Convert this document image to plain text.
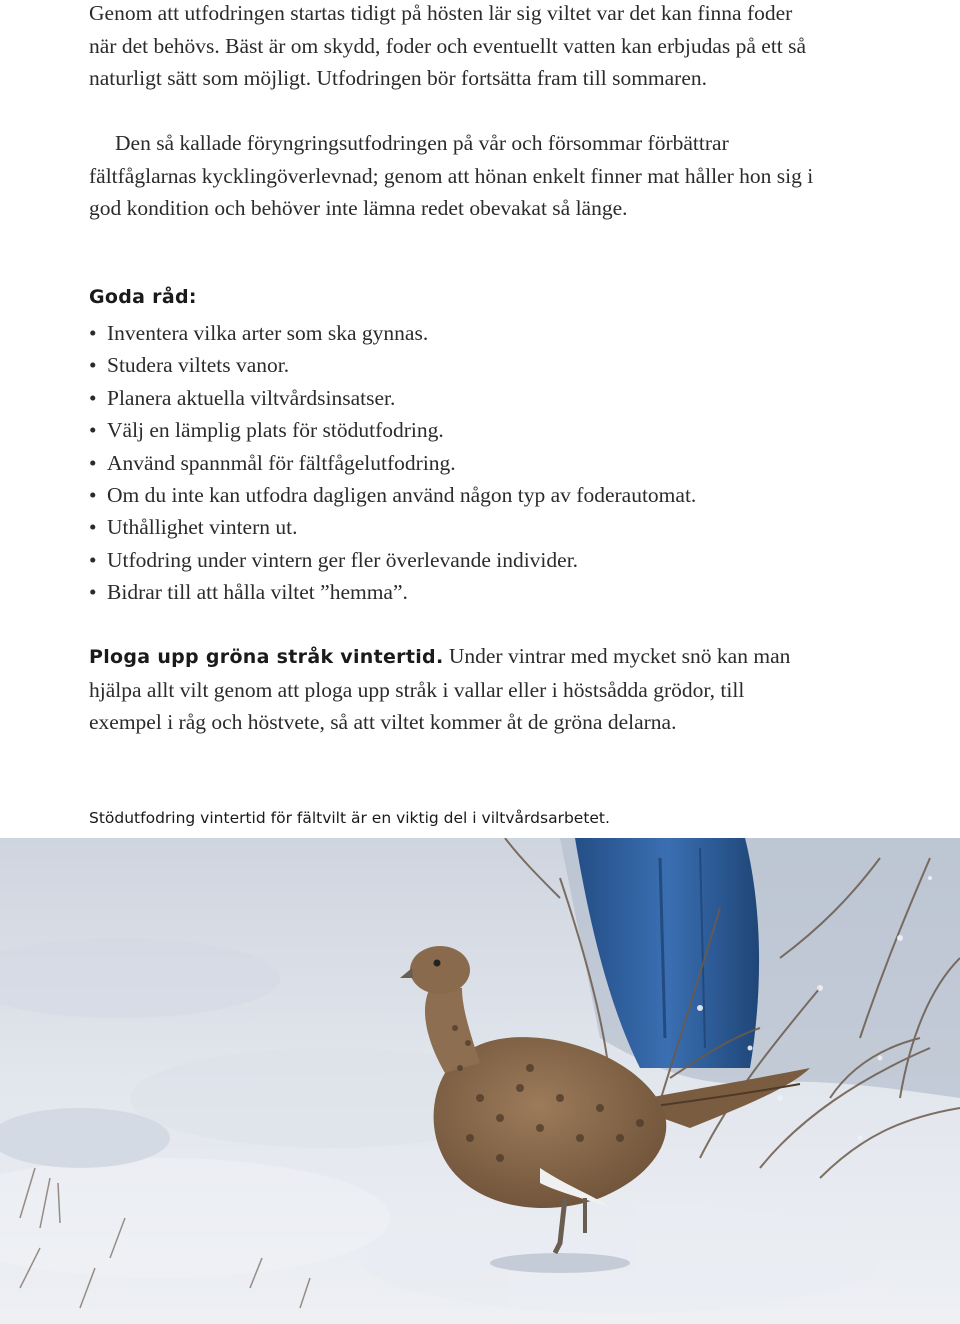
Genom att utfodringen startas tidigt på hösten lär sig viltet var det kan finna foder när det behövs. Bäst är om skydd, foder och eventuellt vatten kan erbjudas på ett så naturligt sätt som möjligt. Utfodringen bör fortsätta fram till sommaren.

Den så kallade föryngringsutfodringen på vår och försommar förbättrar fältfåglarnas kycklingöverlevnad; genom att hönan enkelt finner mat håller hon sig i god kondition och behöver inte lämna redet obevakat så länge.

Goda råd:
• Inventera vilka arter som ska gynnas.
• Studera viltets vanor.
• Planera aktuella viltvårdsinsatser.
• Välj en lämplig plats för stödutfodring.
• Använd spannmål för fältfågelutfodring.
• Om du inte kan utfodra dagligen använd någon typ av foderautomat.
• Uthållighet vintern ut.
• Utfodring under vintern ger fler överlevande individer.
• Bidrar till att hålla viltet ”hemma”.

Ploga upp gröna stråk vintertid. Under vintrar med mycket snö kan man hjälpa allt vilt genom att ploga upp stråk i vallar eller i höstsådda grödor, till exempel i råg och höstvete, så att viltet kommer åt de gröna delarna.

Stödutfodring vintertid för fältvilt är en viktig del i viltvårdsarbetet.
